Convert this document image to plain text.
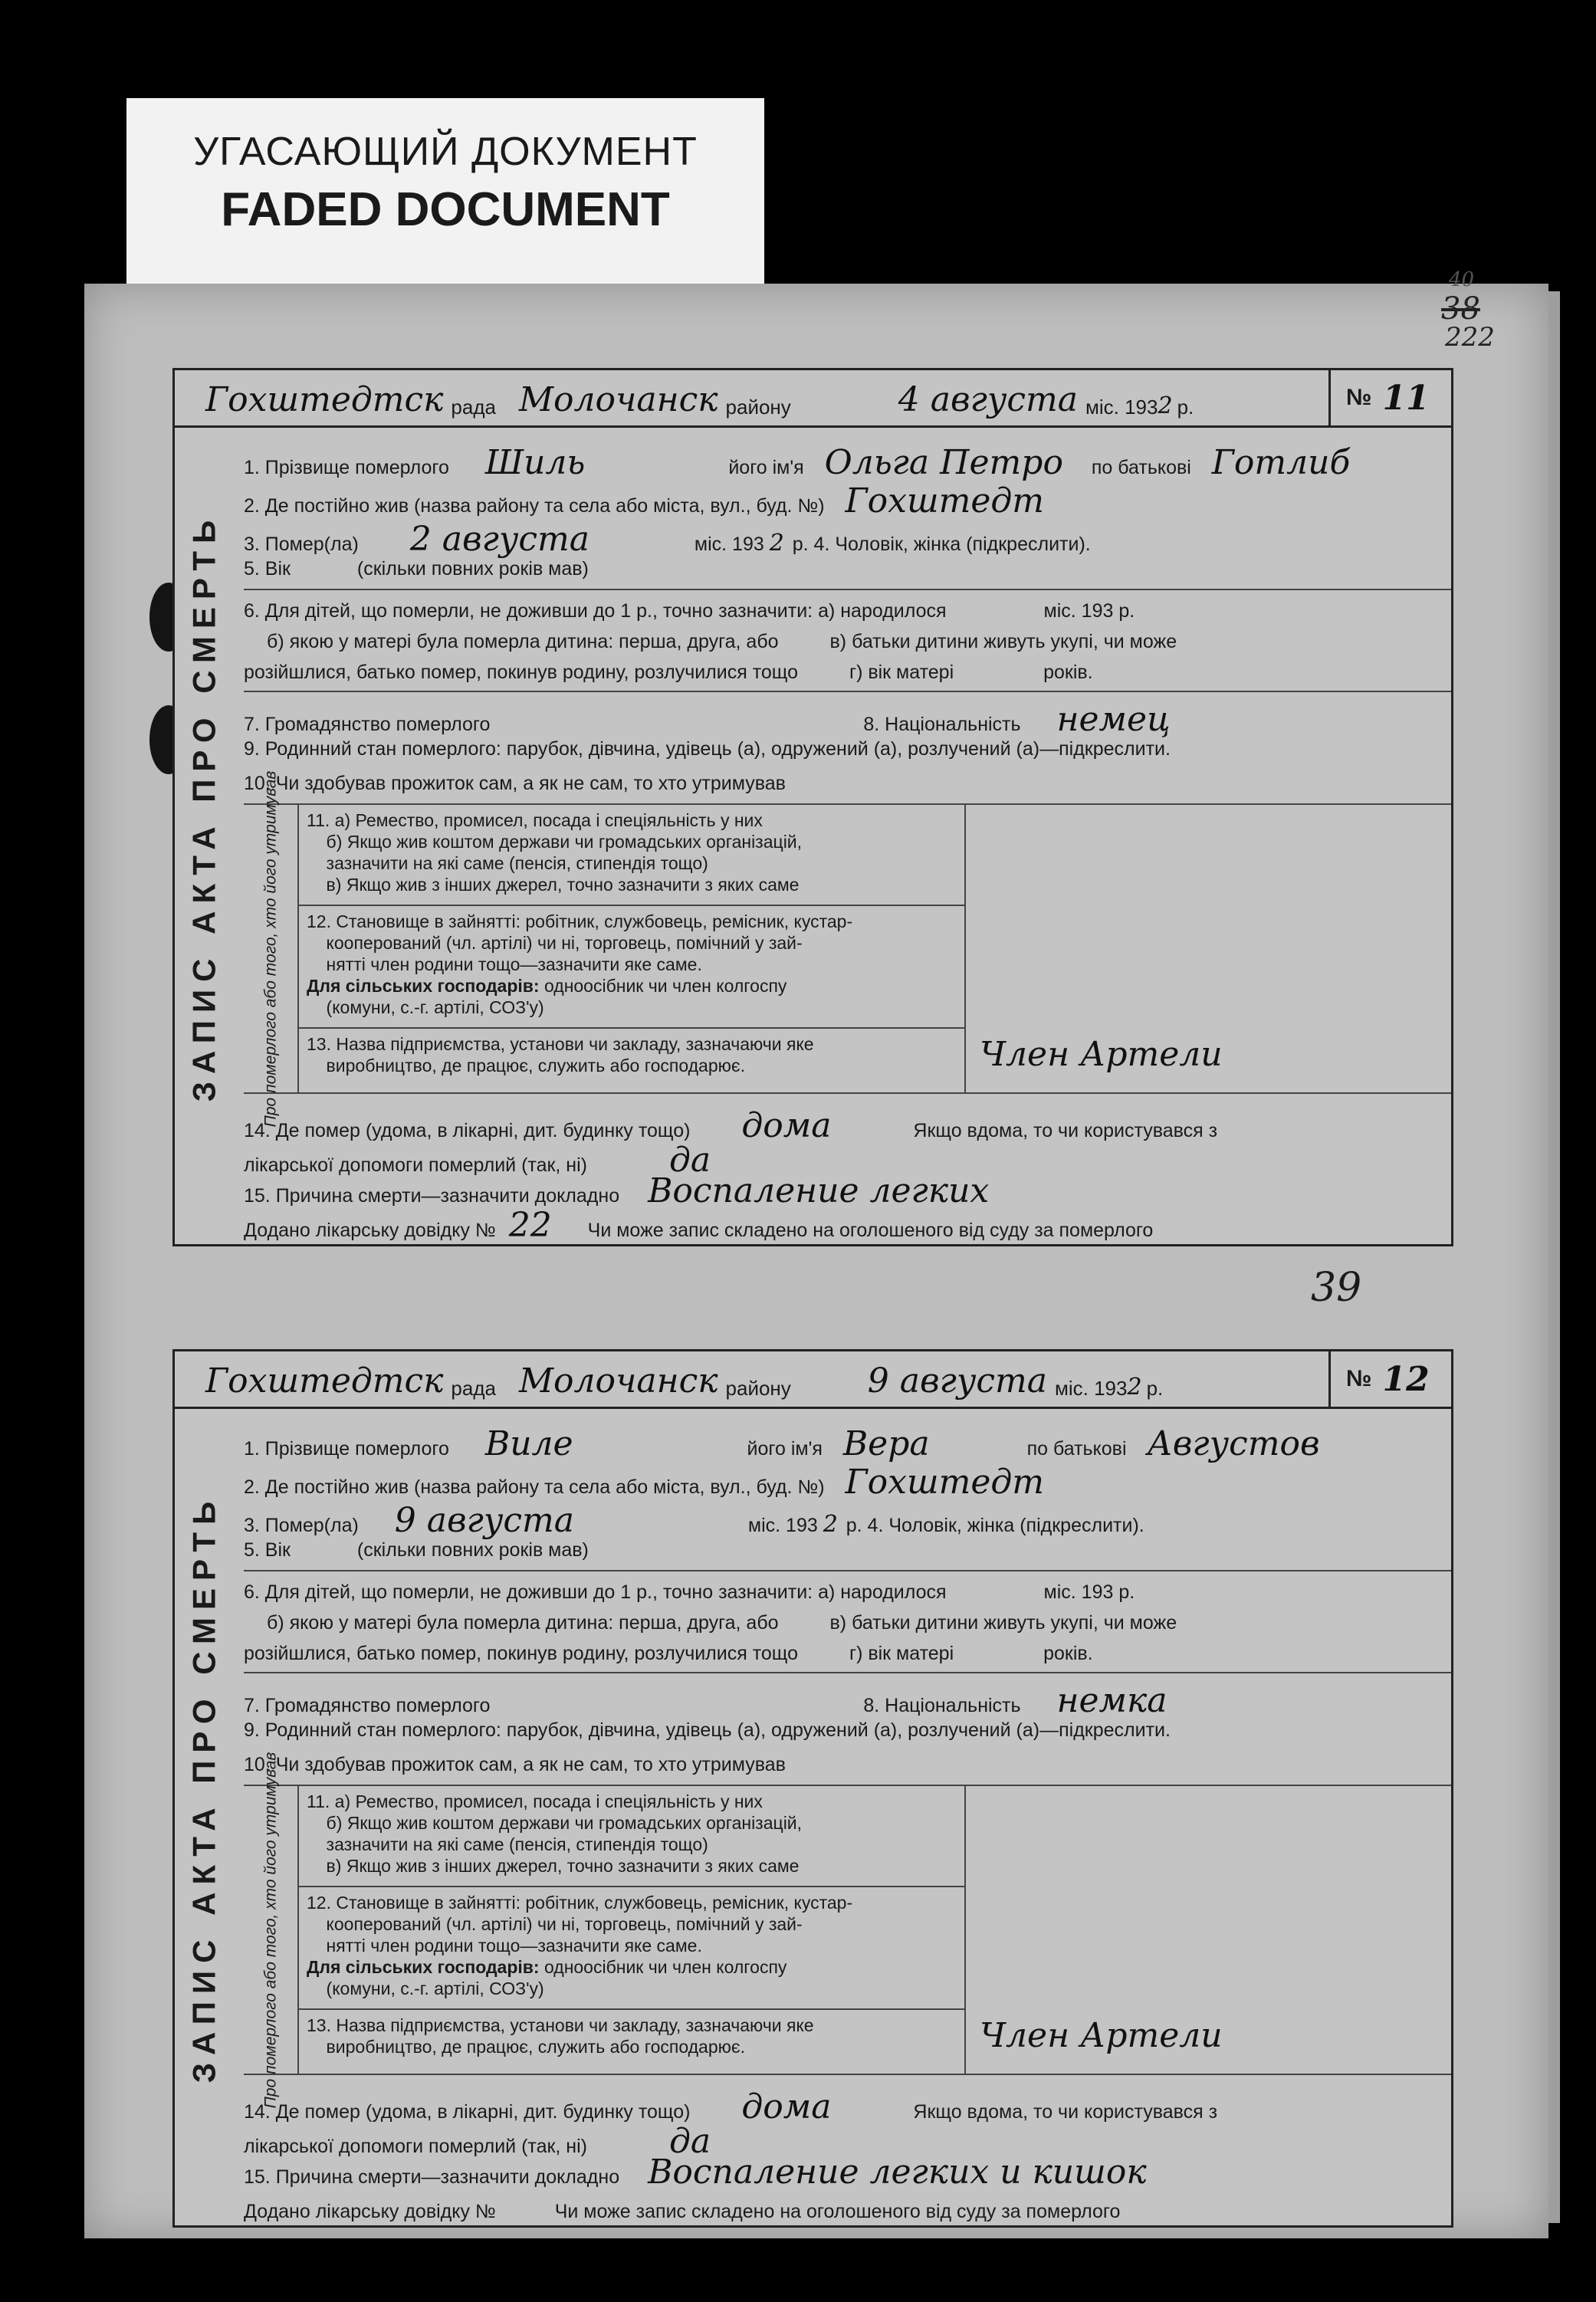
УГАСАЮЩИЙ ДОКУМЕНТ
FADED DOCUMENT
40
38
222
39
ЗАПИС АКТА ПРО СМЕРТЬ
Гохштедтск рада Молочанск району	4 августа міс. 193 2 р.	№ 11
1. Прізвище померлого Шиль	його ім'я Ольга Петро по батькові Готлиб
2. Де постійно жив (назва району та села або міста, вул., буд. №) Гохштедт
3. Помер(ла) 2 августа	міс. 193 2 р. 4. Чоловік, жінка (підкреслити).
5. Вік	(скільки повних років мав)
6. Для дітей, що померли, не доживши до 1 р., точно зазначити: а) народилося	міс. 193 р.
б) якою у матері була померла дитина: перша, друга, або	в) батьки дитини живуть укупі, чи може
розійшлися, батько помер, покинув родину, розлучилися тощо	г) вік матері	років.
7. Громадянство померлого	8. Національність немец
9. Родинний стан померлого: парубок, дівчина, удівець (а), одружений (а), розлучений (а)—підкреслити.
10. Чи здобував прожиток сам, а як не сам, то хто утримував
Про померлого або того, хто його утримував	11. а) Ремество, промисел, посада і спеціяльність у них
б) Якщо жив коштом держави чи громадських організацій,
зазначити на які саме (пенсія, стипендія тощо)
в) Якщо жив з інших джерел, точно зазначити з яких саме
12. Становище в зайнятті: робітник, службовець, ремісник, кустар-
кооперований (чл. артілі) чи ні, торговець, помічний у зай-
нятті член родини тощо—зазначити яке саме.
Для сільських господарів: одноосібник чи член колгоспу
(комуни, с.-г. артілі, СОЗ'у)
13. Назва підприємства, установи чи закладу, зазначаючи яке
виробництво, де працює, служить або господарює.	Член Артели
14. Де помер (удома, в лікарні, дит. будинку тощо) дома	Якщо вдома, то чи користувався з
лікарської допомоги померлий (так, ні) да
15. Причина смерти—зазначити докладно Воспаление легких
Додано лікарську довідку № 22 Чи може запис складено на оголошеного від суду за померлого
ЗАПИС АКТА ПРО СМЕРТЬ
Гохштедтск рада Молочанск району 9 августа міс. 193 2 р.	№ 12
1. Прізвище померлого Виле	його ім'я Вера	по батькові Августов
2. Де постійно жив (назва району та села або міста, вул., буд. №) Гохштедт
3. Помер(ла) 9 августа	міс. 193 2 р. 4. Чоловік, жінка (підкреслити).
5. Вік	(скільки повних років мав)
6. Для дітей, що померли, не доживши до 1 р., точно зазначити: а) народилося	міс. 193 р.
б) якою у матері була померла дитина: перша, друга, або	в) батьки дитини живуть укупі, чи може
розійшлися, батько помер, покинув родину, розлучилися тощо	г) вік матері	років.
7. Громадянство померлого	8. Національність немка
9. Родинний стан померлого: парубок, дівчина, удівець (а), одружений (а), розлучений (а)—підкреслити.
10. Чи здобував прожиток сам, а як не сам, то хто утримував
Про померлого або того, хто його утримував	11. а) Ремество, промисел, посада і спеціяльність у них
б) Якщо жив коштом держави чи громадських організацій,
зазначити на які саме (пенсія, стипендія тощо)
в) Якщо жив з інших джерел, точно зазначити з яких саме
12. Становище в зайнятті: робітник, службовець, ремісник, кустар-
кооперований (чл. артілі) чи ні, торговець, помічний у зай-
нятті член родини тощо—зазначити яке саме.
Для сільських господарів: одноосібник чи член колгоспу
(комуни, с.-г. артілі, СОЗ'у)
13. Назва підприємства, установи чи закладу, зазначаючи яке
виробництво, де працює, служить або господарює.	Член Артели
14. Де помер (удома, в лікарні, дит. будинку тощо) дома	Якщо вдома, то чи користувався з
лікарської допомоги померлий (так, ні) да
15. Причина смерти—зазначити докладно Воспаление легких и кишок
Додано лікарську довідку №	Чи може запис складено на оголошеного від суду за померлого
